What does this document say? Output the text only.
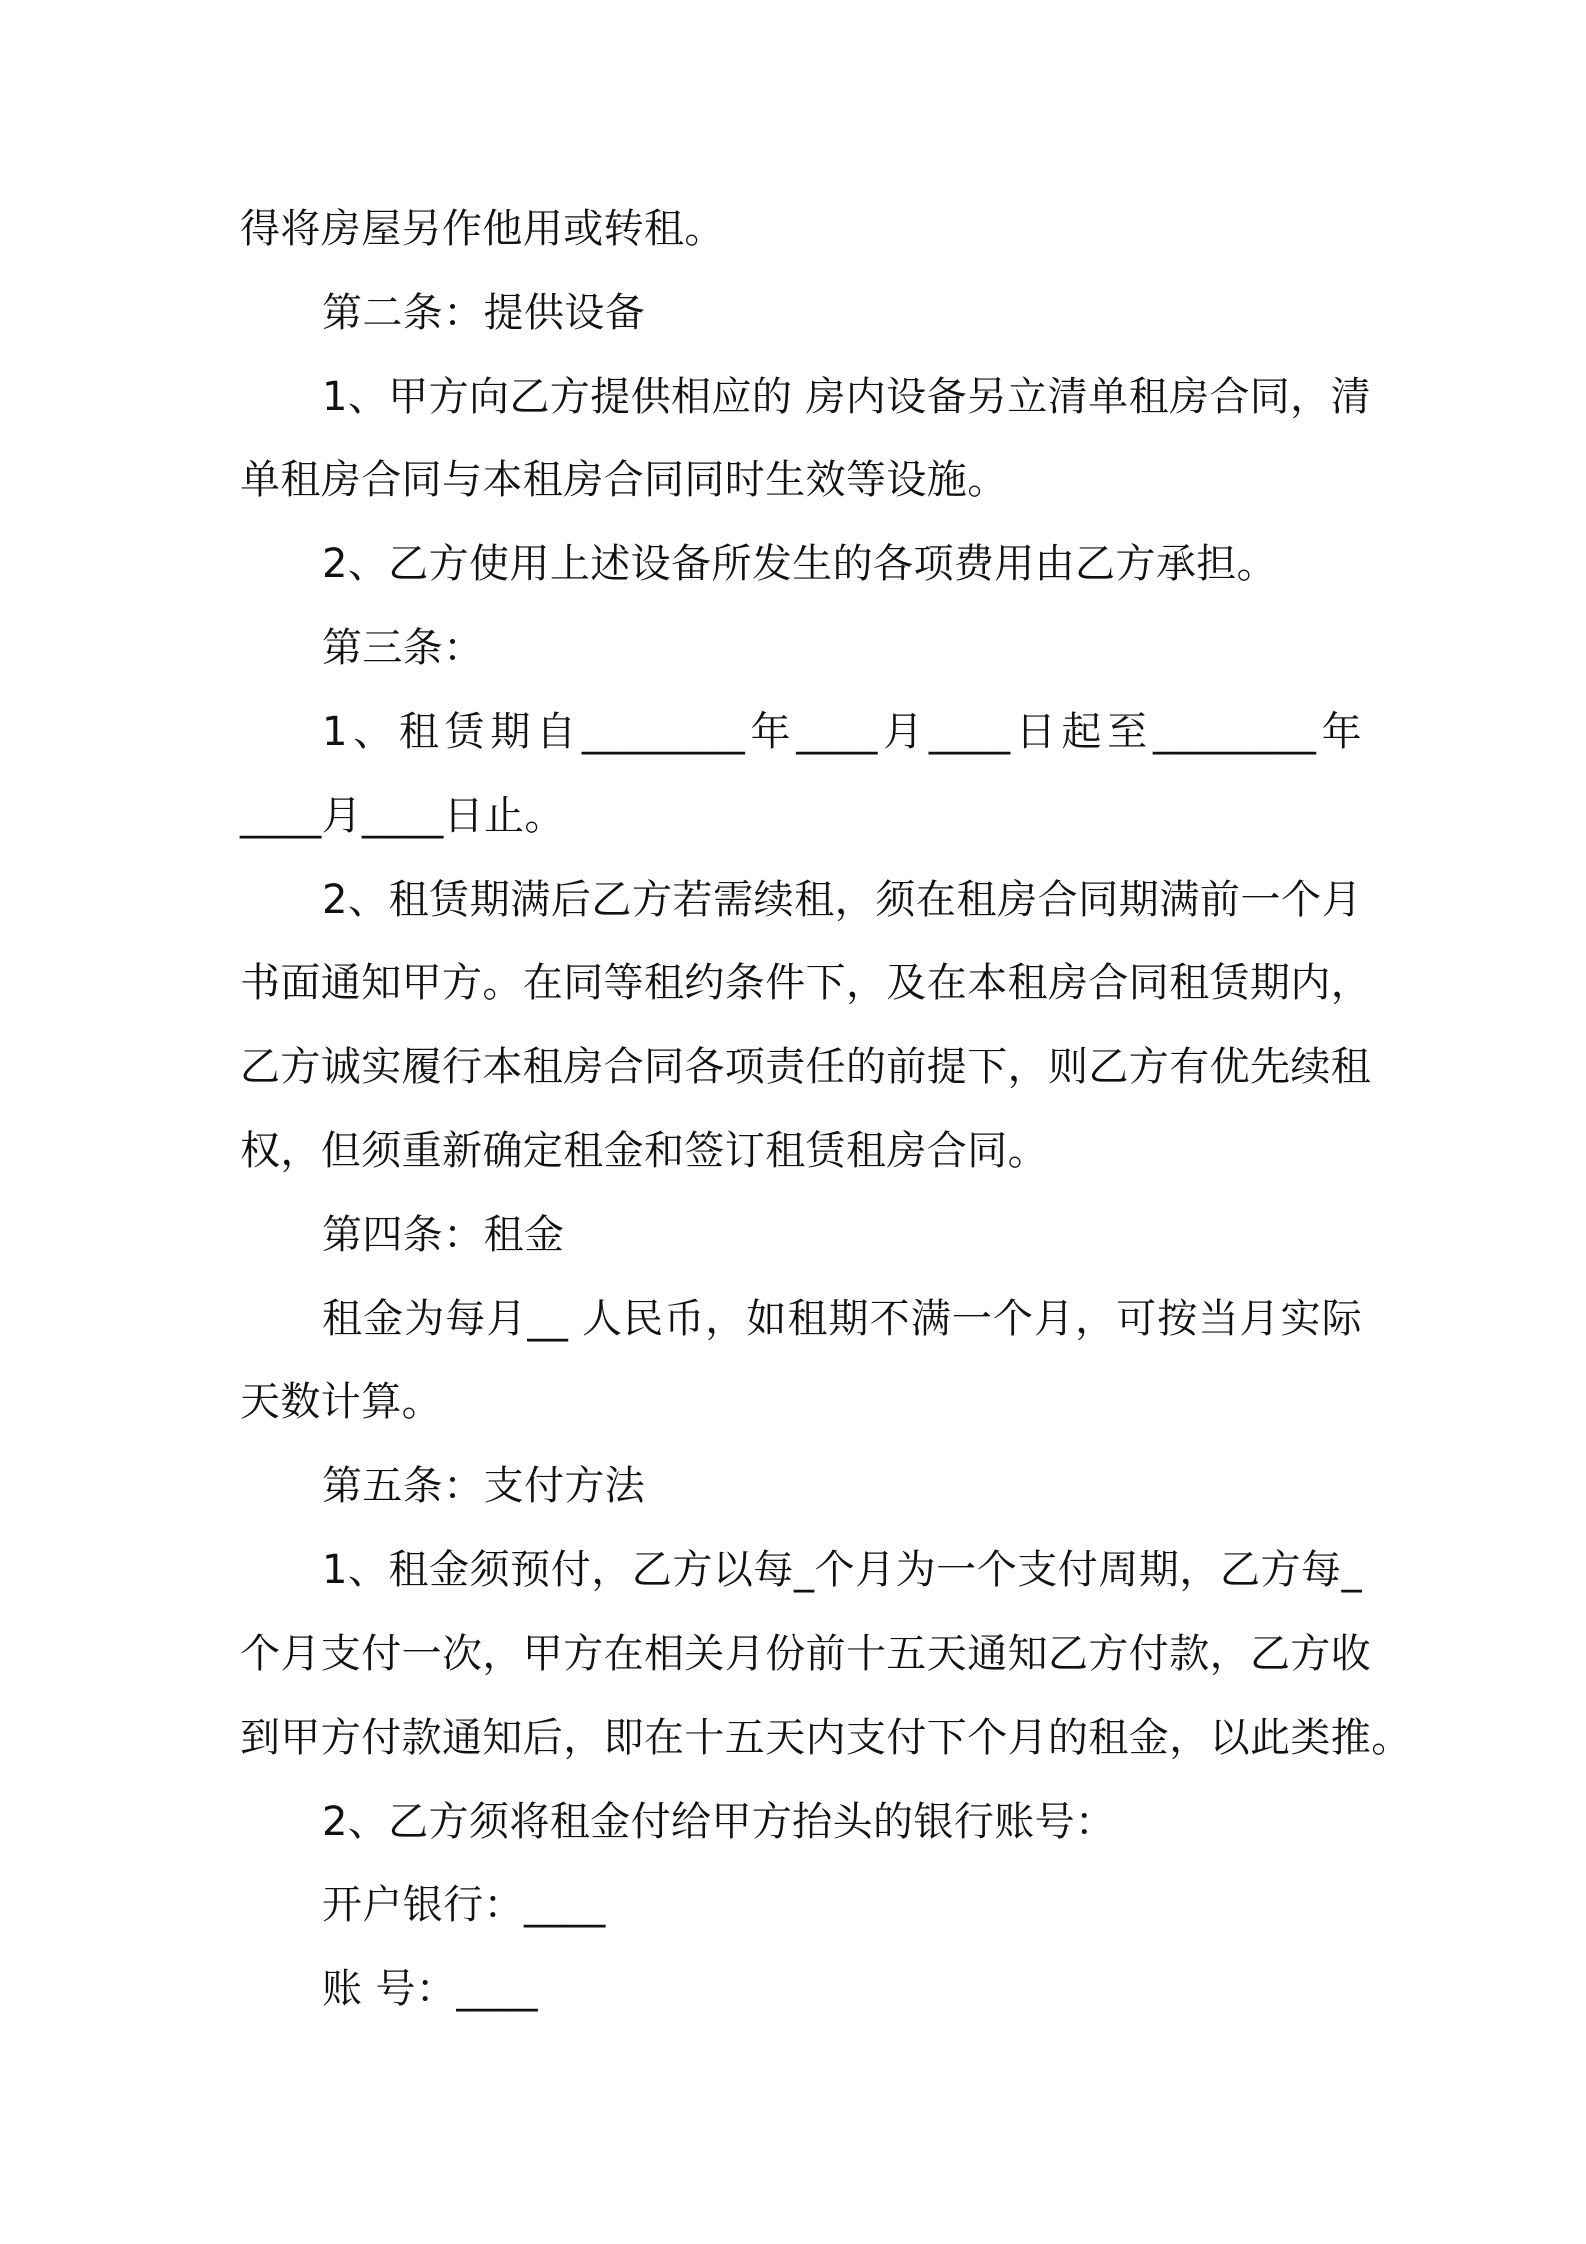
得将房屋另作他用或转租。
第二条：提供设备
1、甲方向乙方提供相应的 房内设备另立清单租房合同，清
单租房合同与本租房合同同时生效等设施。
2、乙方使用上述设备所发生的各项费用由乙方承担。
第三条：
1、租赁期自________年____月____日起至________年
____月____日止。
2、租赁期满后乙方若需续租，须在租房合同期满前一个月
书面通知甲方。在同等租约条件下，及在本租房合同租赁期内，
乙方诚实履行本租房合同各项责任的前提下，则乙方有优先续租
权，但须重新确定租金和签订租赁租房合同。
第四条：租金
租金为每月__ 人民币，如租期不满一个月，可按当月实际
天数计算。
第五条：支付方法
1、租金须预付，乙方以每_个月为一个支付周期，乙方每_
个月支付一次，甲方在相关月份前十五天通知乙方付款，乙方收
到甲方付款通知后，即在十五天内支付下个月的租金，以此类推。
2、乙方须将租金付给甲方抬头的银行账号：
开户银行：____
账 号：____
